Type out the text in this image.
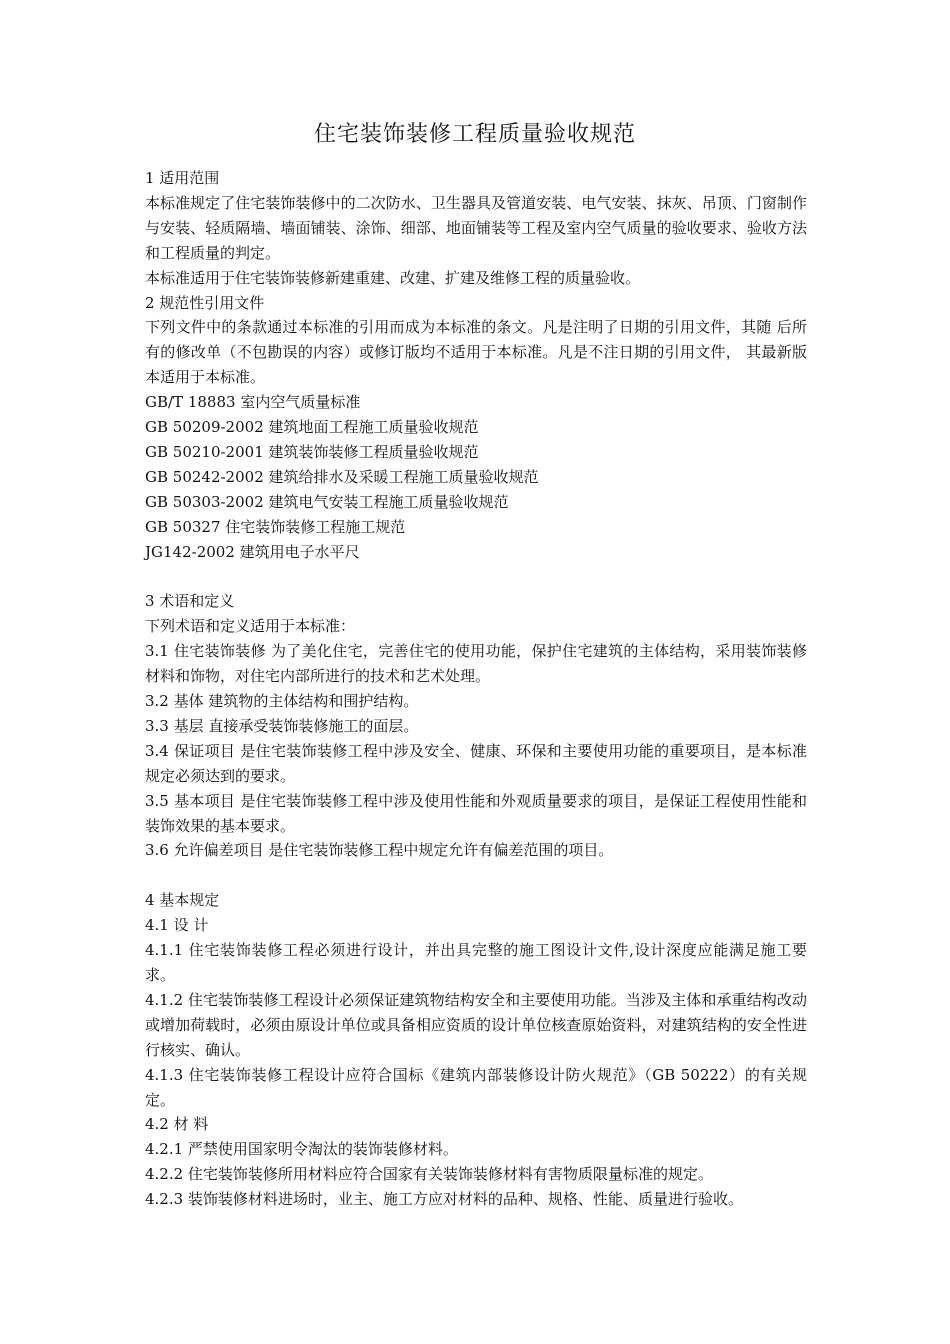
住宅装饰装修工程质量验收规范

1 适用范围

本标准规定了住宅装饰装修中的二次防水、卫生器具及管道安装、电气安装、抹灰、吊顶、门窗制作与安装、轻质隔墙、墙面铺装、涂饰、细部、地面铺装等工程及室内空气质量的验收要求、验收方法和工程质量的判定。

本标准适用于住宅装饰装修新建重建、改建、扩建及维修工程的质量验收。

2 规范性引用文件

下列文件中的条款通过本标准的引用而成为本标准的条文。凡是注明了日期的引用文件，其随 后所有的修改单（不包勘误的内容）或修订版均不适用于本标准。凡是不注日期的引用文件， 其最新版本适用于本标准。

GB/T 18883 室内空气质量标准

GB 50209-2002 建筑地面工程施工质量验收规范

GB 50210-2001 建筑装饰装修工程质量验收规范

GB 50242-2002 建筑给排水及采暖工程施工质量验收规范

GB 50303-2002 建筑电气安装工程施工质量验收规范

GB 50327 住宅装饰装修工程施工规范

JG142-2002 建筑用电子水平尺

3 术语和定义

下列术语和定义适用于本标准：

3.1 住宅装饰装修 为了美化住宅，完善住宅的使用功能，保护住宅建筑的主体结构，采用装饰装修材料和饰物，对住宅内部所进行的技术和艺术处理。

3.2 基体 建筑物的主体结构和围护结构。

3.3 基层 直接承受装饰装修施工的面层。

3.4 保证项目 是住宅装饰装修工程中涉及安全、健康、环保和主要使用功能的重要项目，是本标准规定必须达到的要求。

3.5 基本项目 是住宅装饰装修工程中涉及使用性能和外观质量要求的项目，是保证工程使用性能和装饰效果的基本要求。

3.6 允许偏差项目 是住宅装饰装修工程中规定允许有偏差范围的项目。

4 基本规定

4.1 设 计

4.1.1 住宅装饰装修工程必须进行设计，并出具完整的施工图设计文件,设计深度应能满足施工要求。

4.1.2 住宅装饰装修工程设计必须保证建筑物结构安全和主要使用功能。当涉及主体和承重结构改动或增加荷载时，必须由原设计单位或具备相应资质的设计单位核查原始资料，对建筑结构的安全性进行核实、确认。

4.1.3 住宅装饰装修工程设计应符合国标《建筑内部装修设计防火规范》（GB 50222）的有关规定。

4.2 材 料

4.2.1 严禁使用国家明令淘汰的装饰装修材料。

4.2.2 住宅装饰装修所用材料应符合国家有关装饰装修材料有害物质限量标准的规定。

4.2.3 装饰装修材料进场时，业主、施工方应对材料的品种、规格、性能、质量进行验收。
